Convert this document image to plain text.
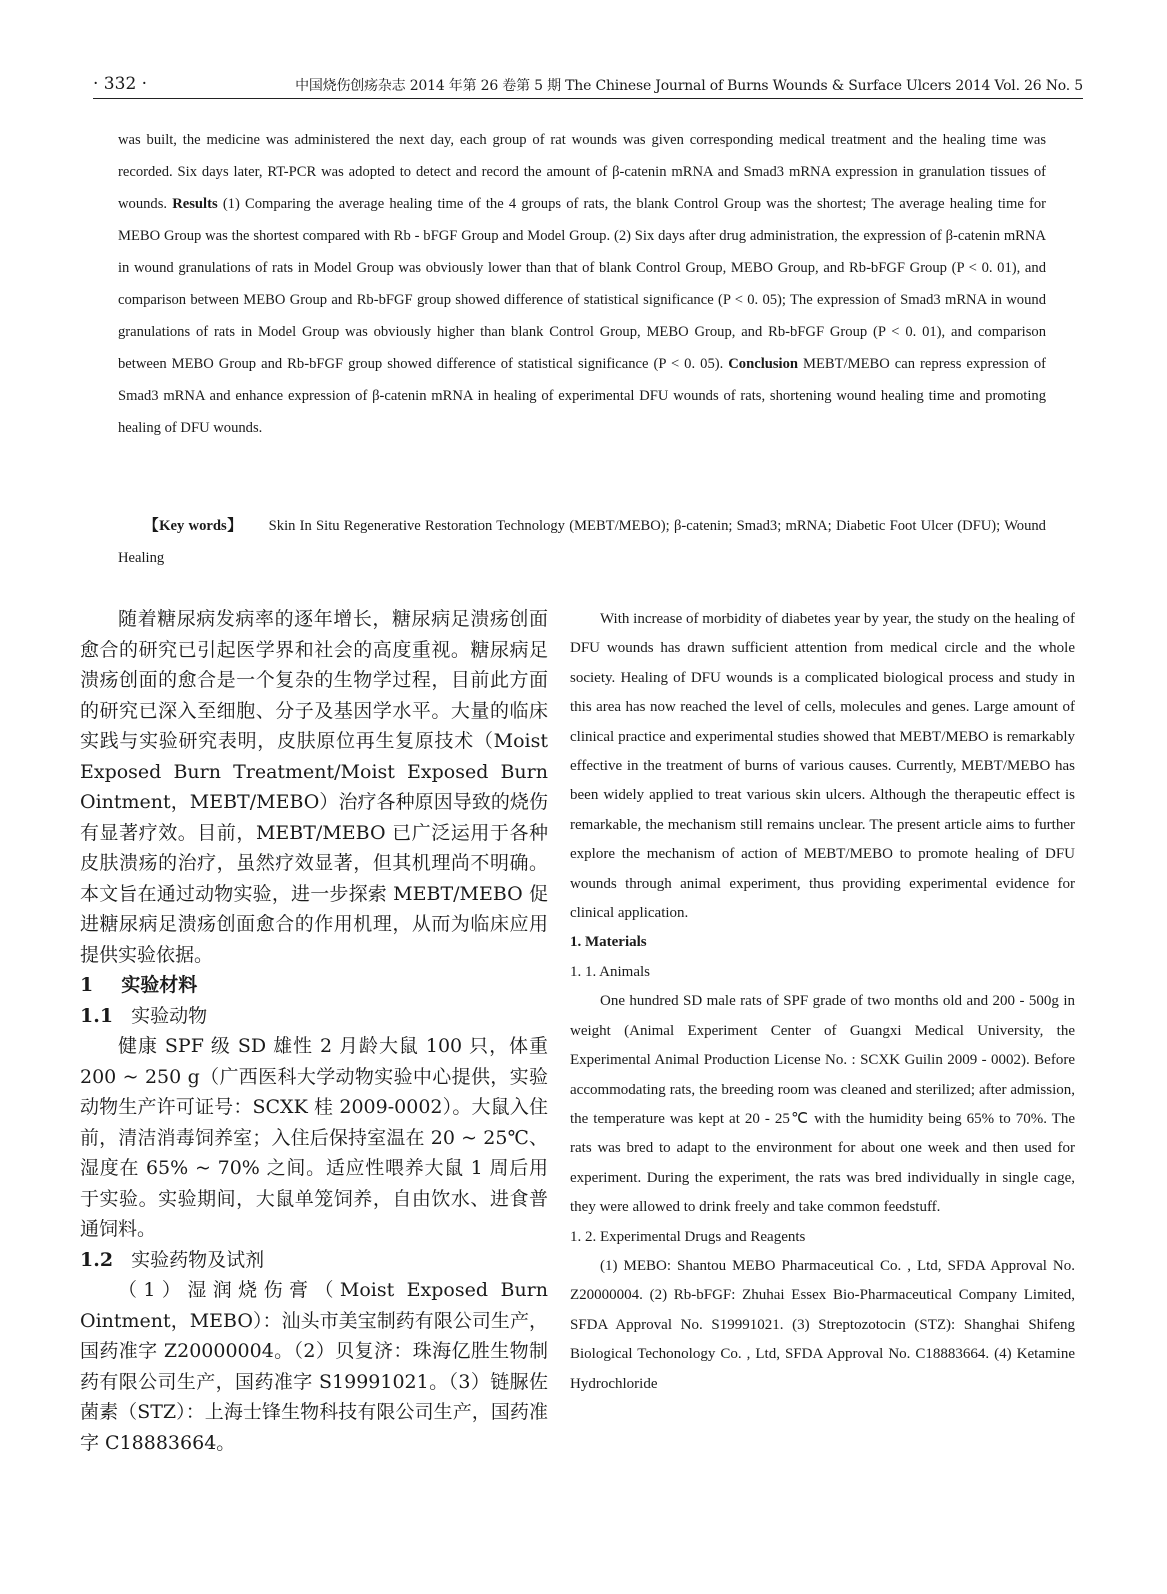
· 332 ·	中国烧伤创疡杂志 2014 年第 26 卷第 5 期 The Chinese Journal of Burns Wounds & Surface Ulcers 2014 Vol. 26 No. 5
was built, the medicine was administered the next day, each group of rat wounds was given corresponding medical treatment and the healing time was recorded. Six days later, RT-PCR was adopted to detect and record the amount of β-catenin mRNA and Smad3 mRNA expression in granulation tissues of wounds. Results (1) Comparing the average healing time of the 4 groups of rats, the blank Control Group was the shortest; The average healing time for MEBO Group was the shortest compared with Rb - bFGF Group and Model Group. (2) Six days after drug administration, the expression of β-catenin mRNA in wound granulations of rats in Model Group was obviously lower than that of blank Control Group, MEBO Group, and Rb-bFGF Group (P < 0. 01), and comparison between MEBO Group and Rb-bFGF group showed difference of statistical significance (P < 0. 05); The expression of Smad3 mRNA in wound granulations of rats in Model Group was obviously higher than blank Control Group, MEBO Group, and Rb-bFGF Group (P < 0. 01), and comparison between MEBO Group and Rb-bFGF group showed difference of statistical significance (P < 0. 05). Conclusion MEBT/MEBO can repress expression of Smad3 mRNA and enhance expression of β-catenin mRNA in healing of experimental DFU wounds of rats, shortening wound healing time and promoting healing of DFU wounds.
【Key words】 Skin In Situ Regenerative Restoration Technology (MEBT/MEBO); β-catenin; Smad3; mRNA; Diabetic Foot Ulcer (DFU); Wound Healing

随着糖尿病发病率的逐年增长，糖尿病足溃疡创面愈合的研究已引起医学界和社会的高度重视。糖尿病足溃疡创面的愈合是一个复杂的生物学过程，目前此方面的研究已深入至细胞、分子及基因学水平。大量的临床实践与实验研究表明，皮肤原位再生复原技术（Moist Exposed Burn Treatment/Moist Exposed Burn Ointment，MEBT/MEBO）治疗各种原因导致的烧伤有显著疗效。目前，MEBT/MEBO 已广泛运用于各种皮肤溃疡的治疗，虽然疗效显著，但其机理尚不明确。本文旨在通过动物实验，进一步探索 MEBT/MEBO 促进糖尿病足溃疡创面愈合的作用机理，从而为临床应用提供实验依据。

1 实验材料

1.1 实验动物

健康 SPF 级 SD 雄性 2 月龄大鼠 100 只，体重 200 ~ 250 g（广西医科大学动物实验中心提供，实验动物生产许可证号：SCXK 桂 2009-0002）。大鼠入住前，清洁消毒饲养室；入住后保持室温在 20 ~ 25℃、湿度在 65% ~ 70% 之间。适应性喂养大鼠 1 周后用于实验。实验期间，大鼠单笼饲养，自由饮水、进食普通饲料。

1.2 实验药物及试剂

（1）湿润烧伤膏（Moist Exposed Burn Ointment，MEBO）：汕头市美宝制药有限公司生产，国药准字 Z20000004。（2）贝复济：珠海亿胜生物制药有限公司生产，国药准字 S19991021。（3）链脲佐菌素（STZ）：上海士锋生物科技有限公司生产，国药准字 C18883664。

With increase of morbidity of diabetes year by year, the study on the healing of DFU wounds has drawn sufficient attention from medical circle and the whole society. Healing of DFU wounds is a complicated biological process and study in this area has now reached the level of cells, molecules and genes. Large amount of clinical practice and experimental studies showed that MEBT/MEBO is remarkably effective in the treatment of burns of various causes. Currently, MEBT/MEBO has been widely applied to treat various skin ulcers. Although the therapeutic effect is remarkable, the mechanism still remains unclear. The present article aims to further explore the mechanism of action of MEBT/MEBO to promote healing of DFU wounds through animal experiment, thus providing experimental evidence for clinical application.

1. Materials

1. 1. Animals

One hundred SD male rats of SPF grade of two months old and 200 - 500g in weight (Animal Experiment Center of Guangxi Medical University, the Experimental Animal Production License No. : SCXK Guilin 2009 - 0002). Before accommodating rats, the breeding room was cleaned and sterilized; after admission, the temperature was kept at 20 - 25℃ with the humidity being 65% to 70%. The rats was bred to adapt to the environment for about one week and then used for experiment. During the experiment, the rats was bred individually in single cage, they were allowed to drink freely and take common feedstuff.

1. 2. Experimental Drugs and Reagents

(1) MEBO: Shantou MEBO Pharmaceutical Co. , Ltd, SFDA Approval No. Z20000004. (2) Rb-bFGF: Zhuhai Essex Bio-Pharmaceutical Company Limited, SFDA Approval No. S19991021. (3) Streptozotocin (STZ): Shanghai Shifeng Biological Techonology Co. , Ltd, SFDA Approval No. C18883664. (4) Ketamine Hydrochloride
